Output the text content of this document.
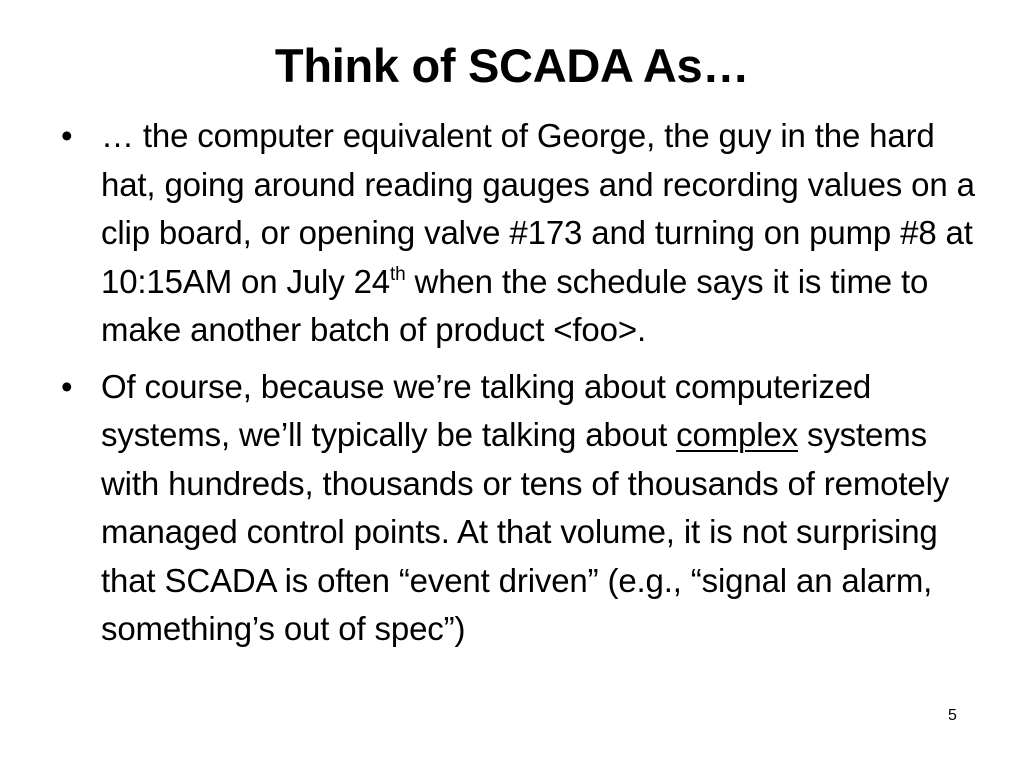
Think of SCADA As…
• … the computer equivalent of George, the guy in the hard hat, going around reading gauges and recording values on a clip board, or opening valve #173 and turning on pump #8 at 10:15AM on July 24th when the schedule says it is time to make another batch of product <foo>.
• Of course, because we’re talking about computerized systems, we’ll typically be talking about complex systems with hundreds, thousands or tens of thousands of remotely managed control points. At that volume, it is not surprising that SCADA is often “event driven” (e.g., “signal an alarm, something’s out of spec”)
5
